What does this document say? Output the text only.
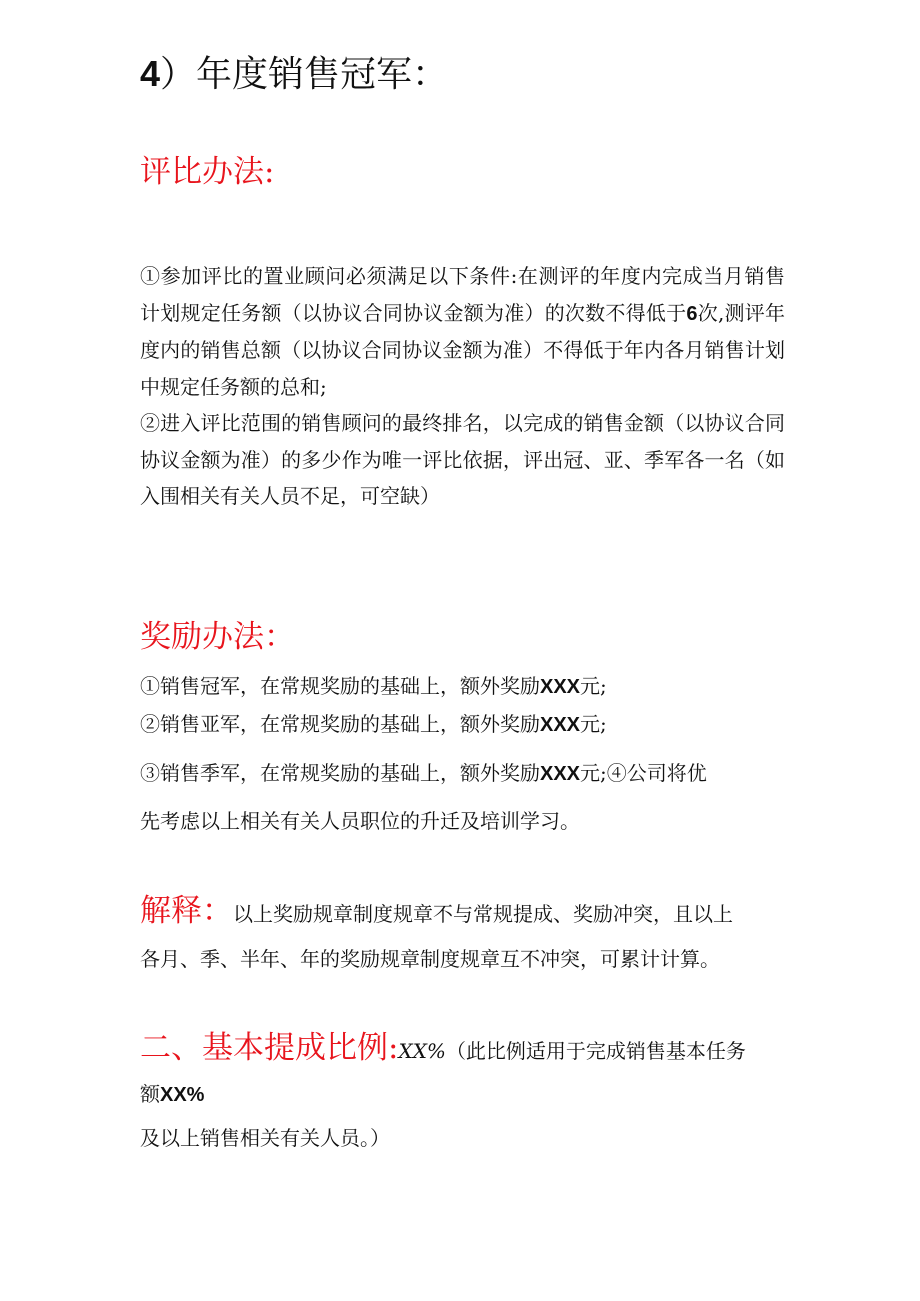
4）年度销售冠军：
评比办法:

①参加评比的置业顾问必须满足以下条件:在测评的年度内完成当月销售计划规定任务额（以协议合同协议金额为准）的次数不得低于6次,测评年度内的销售总额（以协议合同协议金额为准）不得低于年内各月销售计划中规定任务额的总和;

②进入评比范围的销售顾问的最终排名，以完成的销售金额（以协议合同协议金额为准）的多少作为唯一评比依据，评出冠、亚、季军各一名（如入围相关有关人员不足，可空缺）

奖励办法：
①销售冠军，在常规奖励的基础上，额外奖励XXX元;
②销售亚军，在常规奖励的基础上，额外奖励XXX元;
③销售季军，在常规奖励的基础上，额外奖励XXX元;④公司将优
先考虑以上相关有关人员职位的升迁及培训学习。
解释：以上奖励规章制度规章不与常规提成、奖励冲突，且以上
各月、季、半年、年的奖励规章制度规章互不冲突，可累计计算。
二、基本提成比例:XX%（此比例适用于完成销售基本任务
额XX%
及以上销售相关有关人员。）
